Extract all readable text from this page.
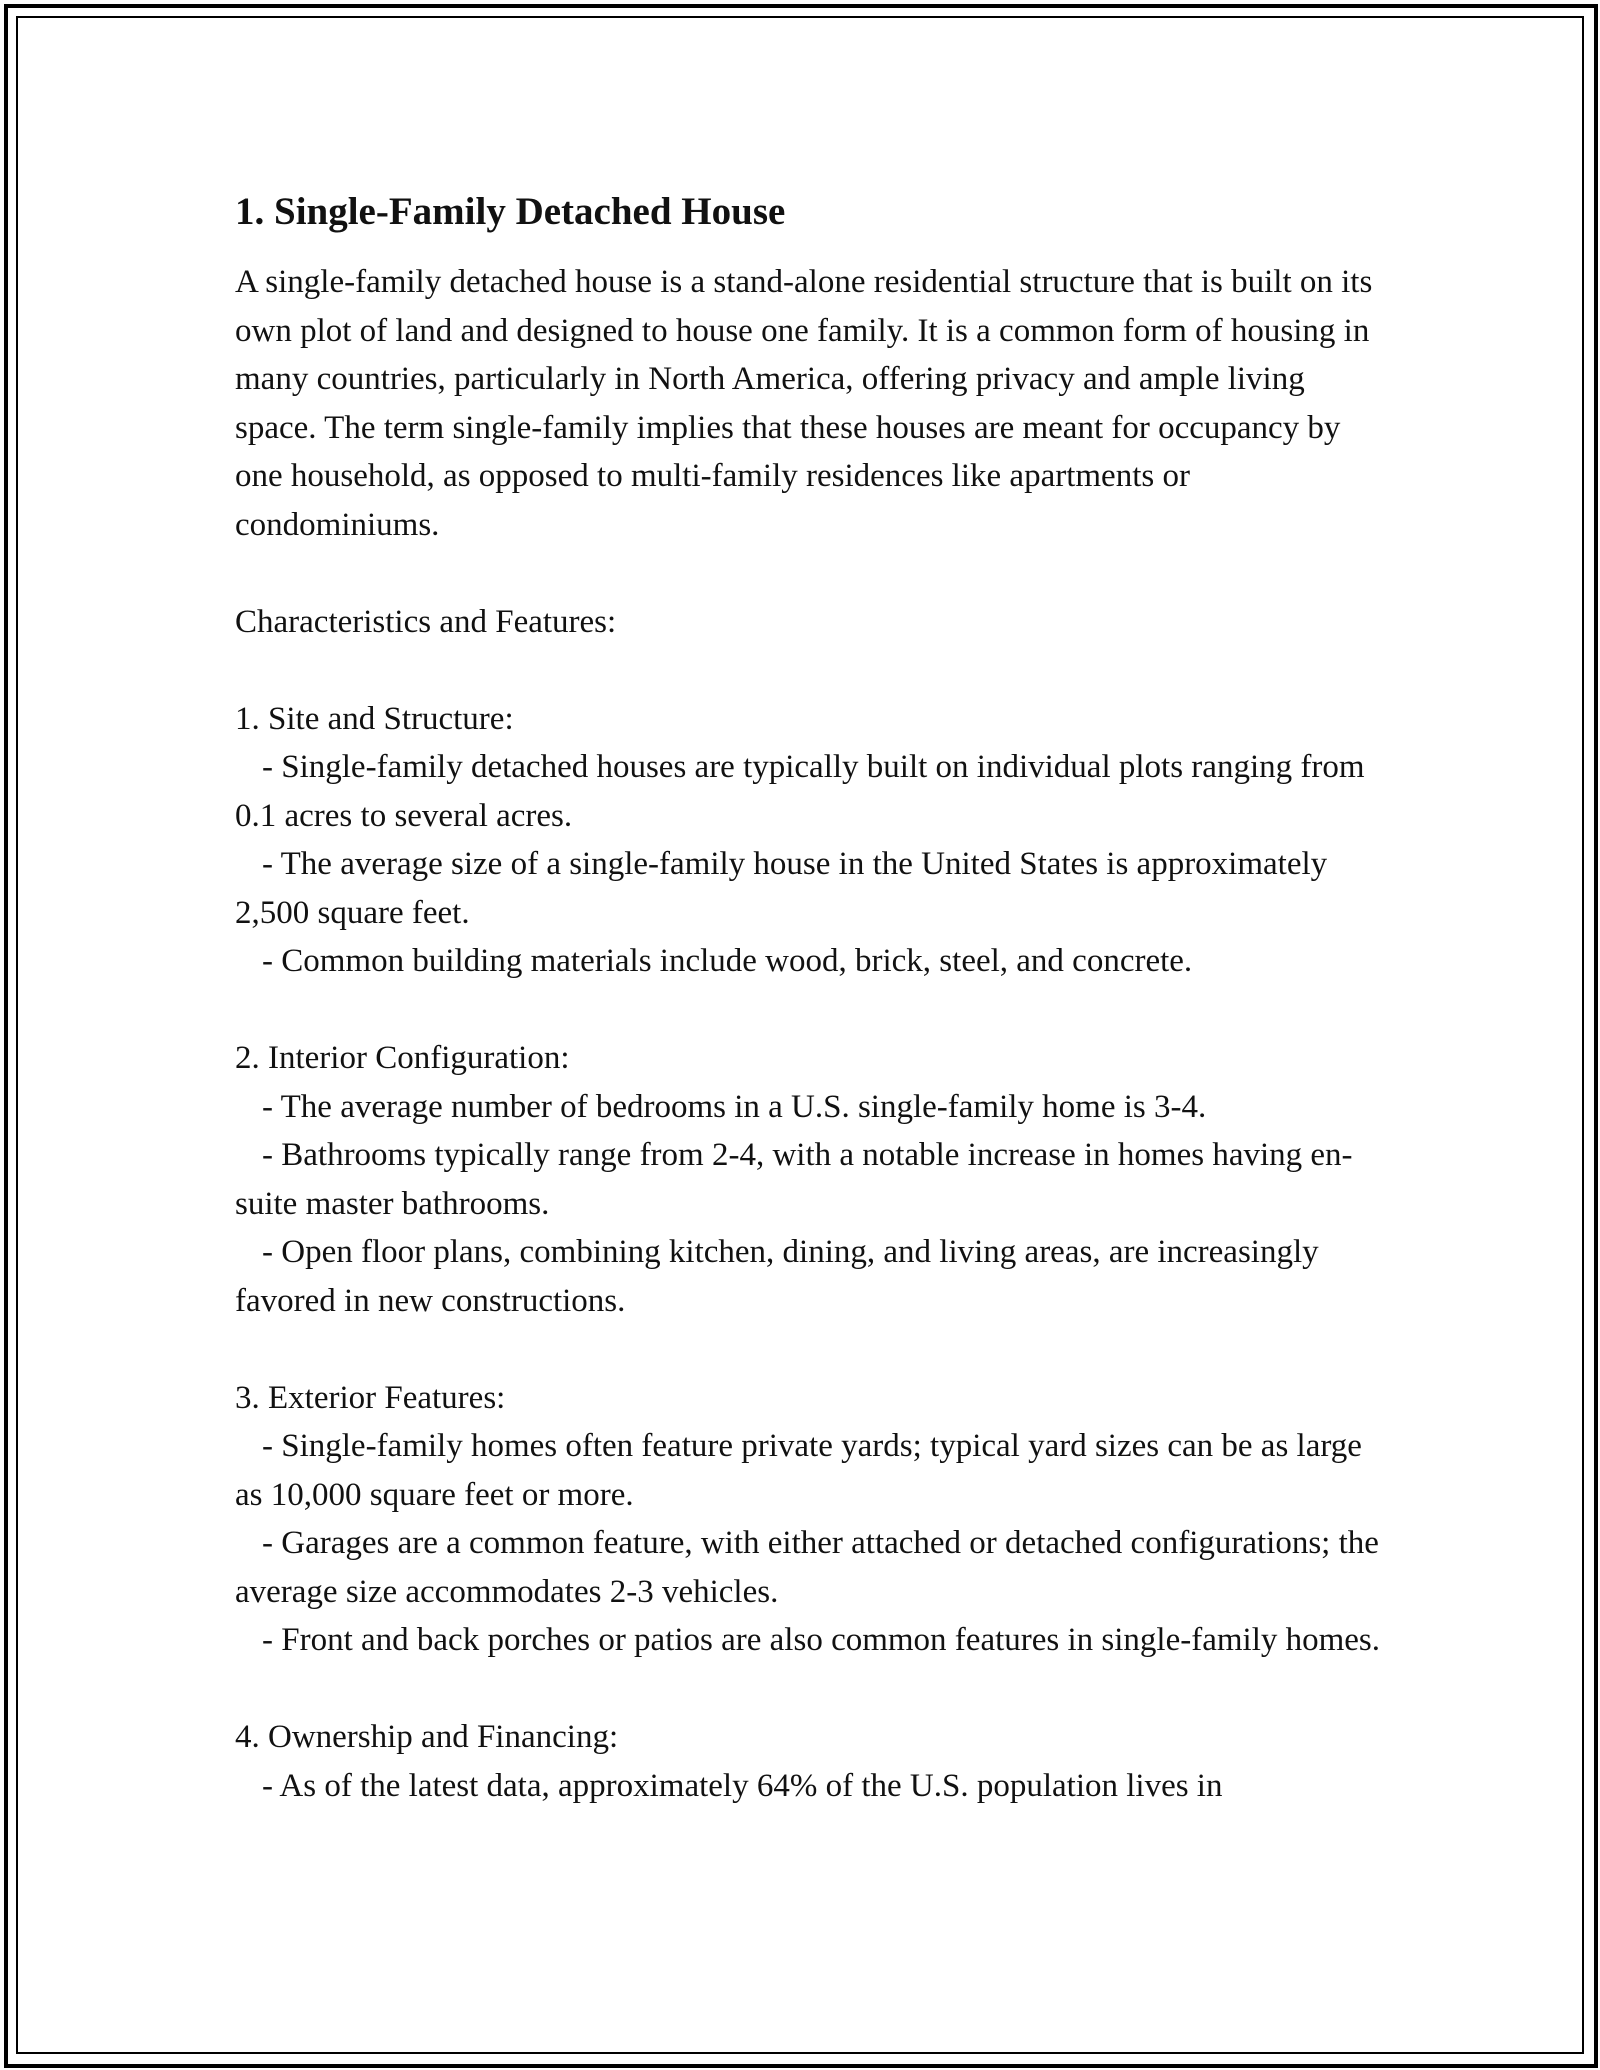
1. Single-Family Detached House

A single-family detached house is a stand-alone residential structure that is built on its own plot of land and designed to house one family. It is a common form of housing in many countries, particularly in North America, offering privacy and ample living space. The term single-family implies that these houses are meant for occupancy by one household, as opposed to multi-family residences like apartments or condominiums.

Characteristics and Features:

1. Site and Structure:

- Single-family detached houses are typically built on individual plots ranging from 0.1 acres to several acres.

- The average size of a single-family house in the United States is approximately 2,500 square feet.

- Common building materials include wood, brick, steel, and concrete.

2. Interior Configuration:

- The average number of bedrooms in a U.S. single-family home is 3-4.

- Bathrooms typically range from 2-4, with a notable increase in homes having en-suite master bathrooms.

- Open floor plans, combining kitchen, dining, and living areas, are increasingly favored in new constructions.

3. Exterior Features:

- Single-family homes often feature private yards; typical yard sizes can be as large as 10,000 square feet or more.

- Garages are a common feature, with either attached or detached configurations; the average size accommodates 2-3 vehicles.

- Front and back porches or patios are also common features in single-family homes.

4. Ownership and Financing:

- As of the latest data, approximately 64% of the U.S. population lives in
